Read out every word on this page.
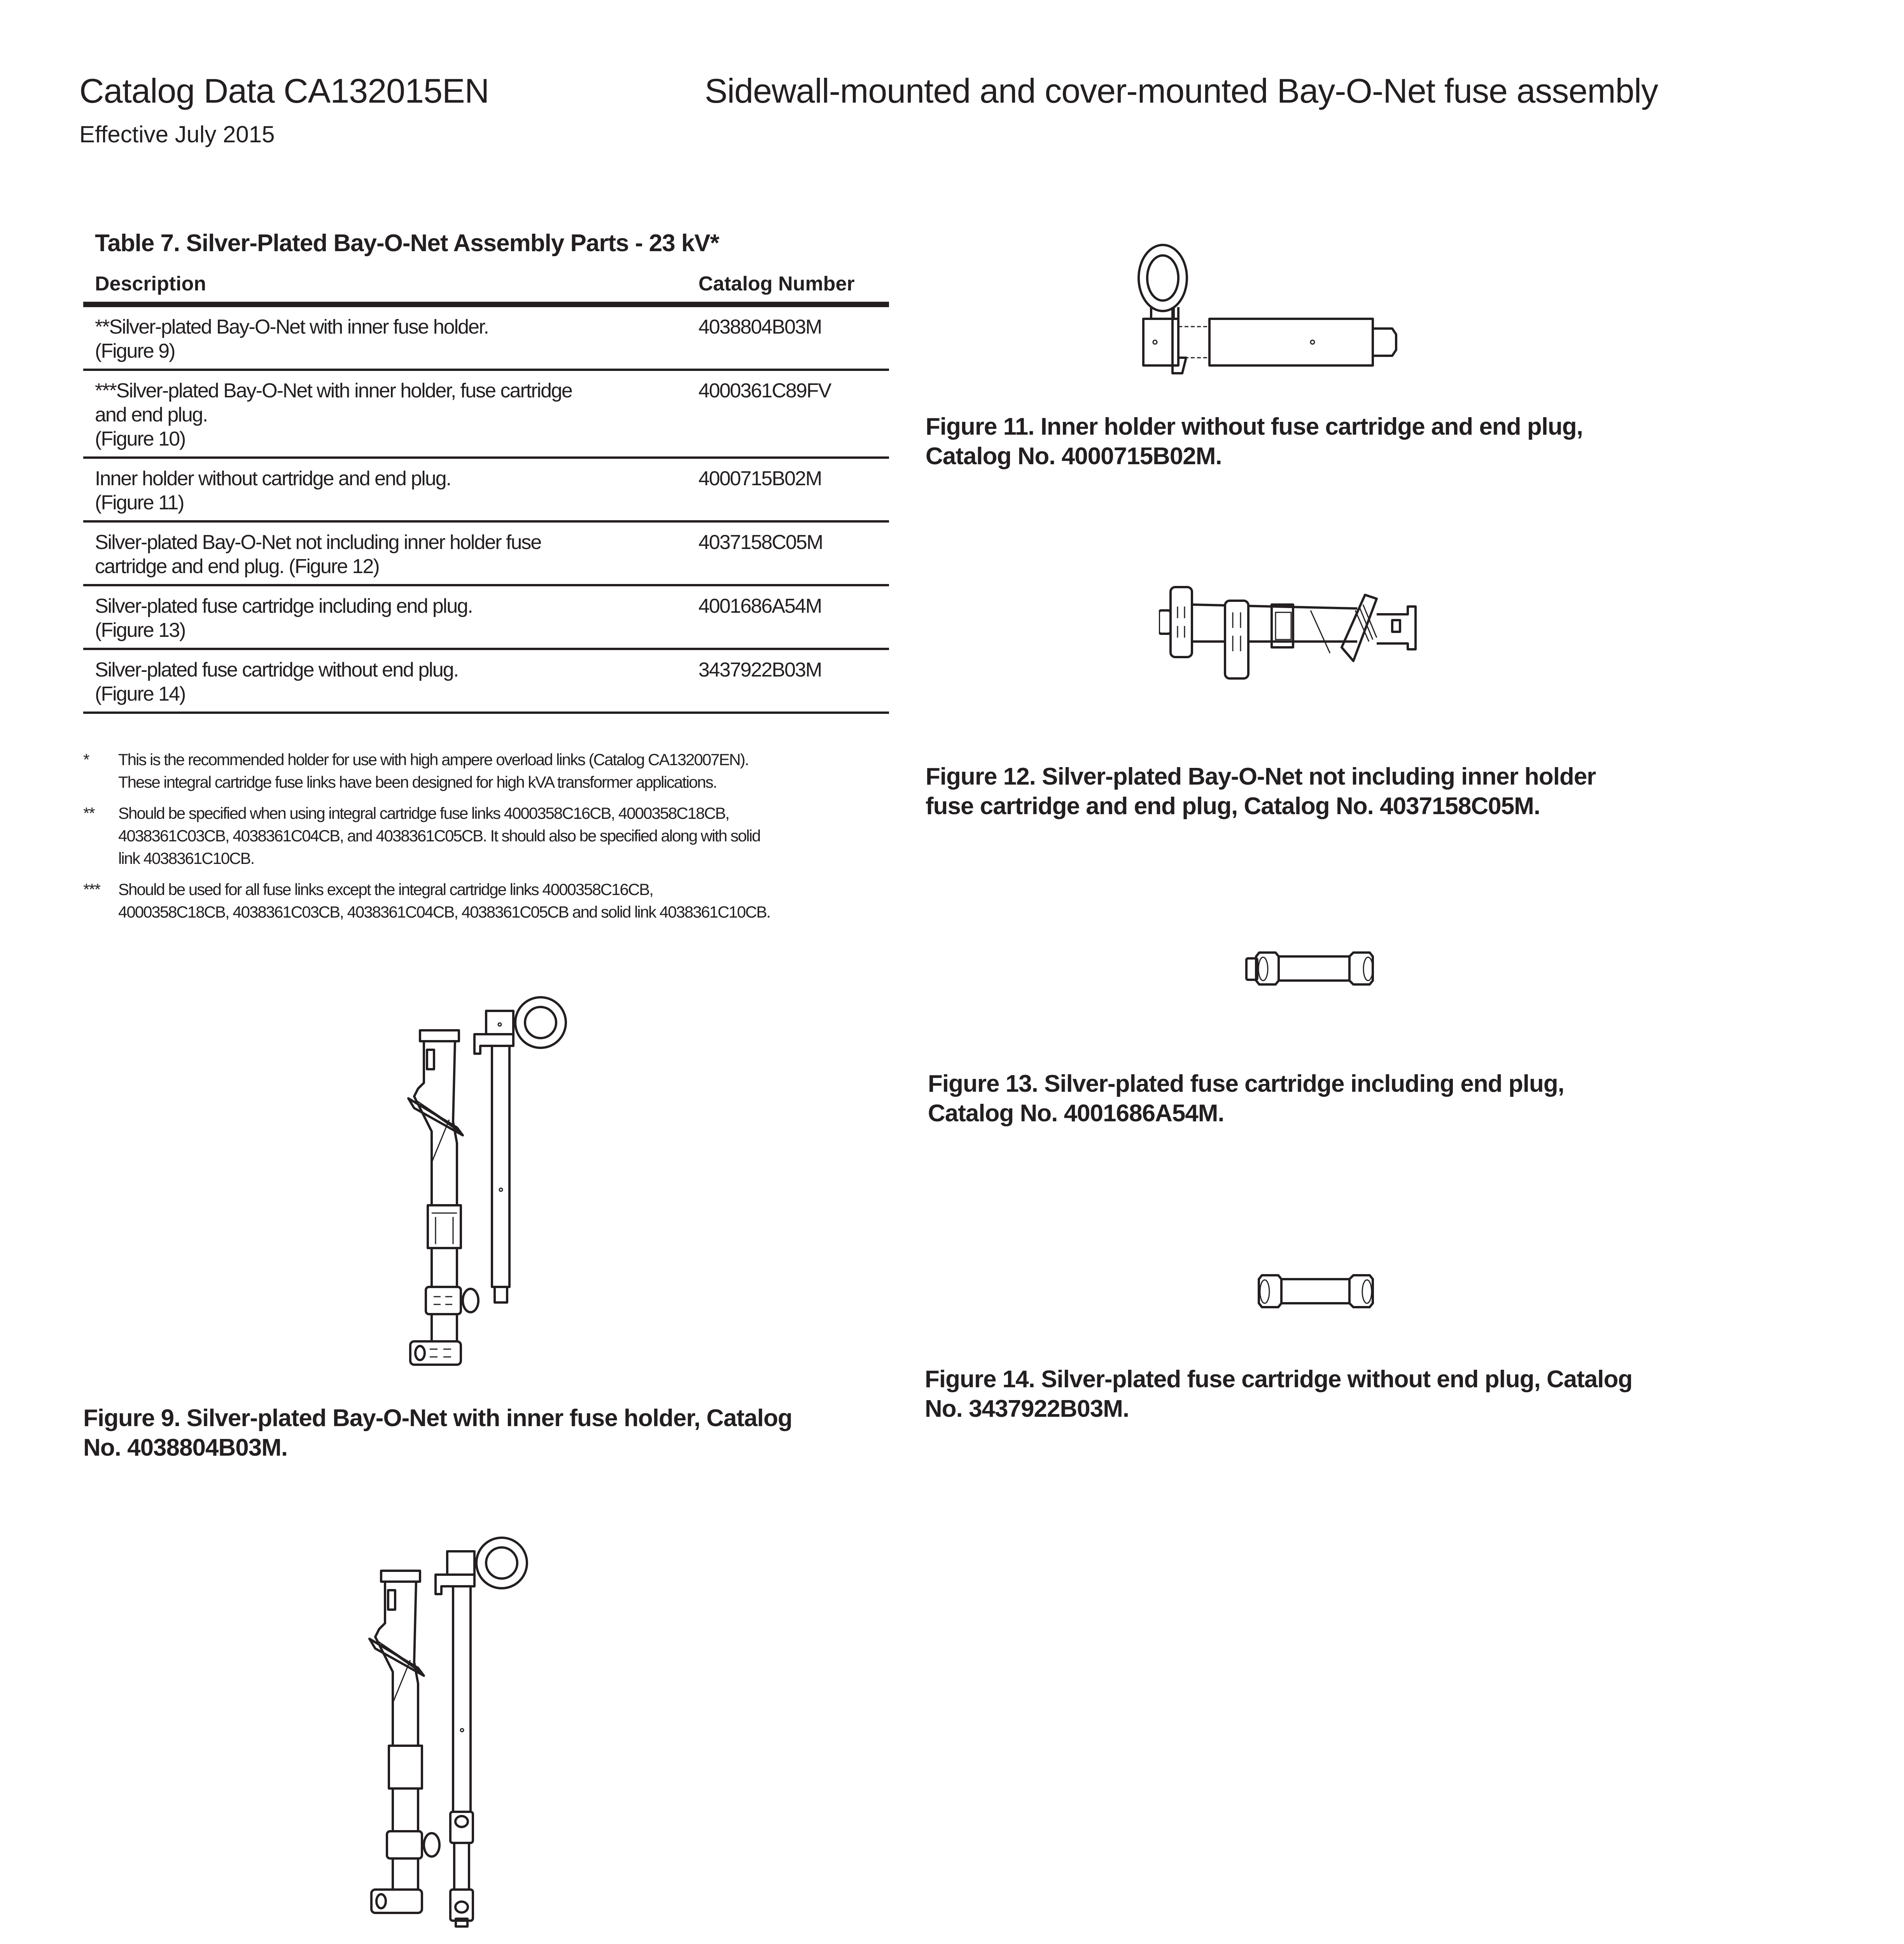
Catalog Data CA132015EN	Sidewall-mounted and cover-mounted Bay-O-Net fuse assembly
Effective July 2015
Table 7. Silver-Plated Bay-O-Net Assembly Parts - 23 kV*
Description	Catalog Number

**Silver-plated Bay-O-Net with inner fuse holder.
(Figure 9)	4038804B03M

***Silver-plated Bay-O-Net with inner holder, fuse cartridge
and end plug.
(Figure 10)	4000361C89FV

Inner holder without cartridge and end plug.
(Figure 11)	4000715B02M

Silver-plated Bay-O-Net not including inner holder fuse
cartridge and end plug. (Figure 12)	4037158C05M

Silver-plated fuse cartridge including end plug.
(Figure 13)	4001686A54M

Silver-plated fuse cartridge without end plug.
(Figure 14)	3437922B03M
*	This is the recommended holder for use with high ampere overload links (Catalog CA132007EN).
These integral cartridge fuse links have been designed for high kVA transformer applications.
**	Should be specified when using integral cartridge fuse links 4000358C16CB, 4000358C18CB,
4038361C03CB, 4038361C04CB, and 4038361C05CB. It should also be specified along with solid
link 4038361C10CB.
***	Should be used for all fuse links except the integral cartridge links 4000358C16CB,
4000358C18CB, 4038361C03CB, 4038361C04CB, 4038361C05CB and solid link 4038361C10CB.
Figure 9. Silver-plated Bay-O-Net with inner fuse holder, Catalog
No. 4038804B03M.
Figure 11. Inner holder without fuse cartridge and end plug,
Catalog No. 4000715B02M.
Figure 12. Silver-plated Bay-O-Net not including inner holder
fuse cartridge and end plug, Catalog No. 4037158C05M.
Figure 13. Silver-plated fuse cartridge including end plug,
Catalog No. 4001686A54M.
Figure 14. Silver-plated fuse cartridge without end plug, Catalog
No. 3437922B03M.
